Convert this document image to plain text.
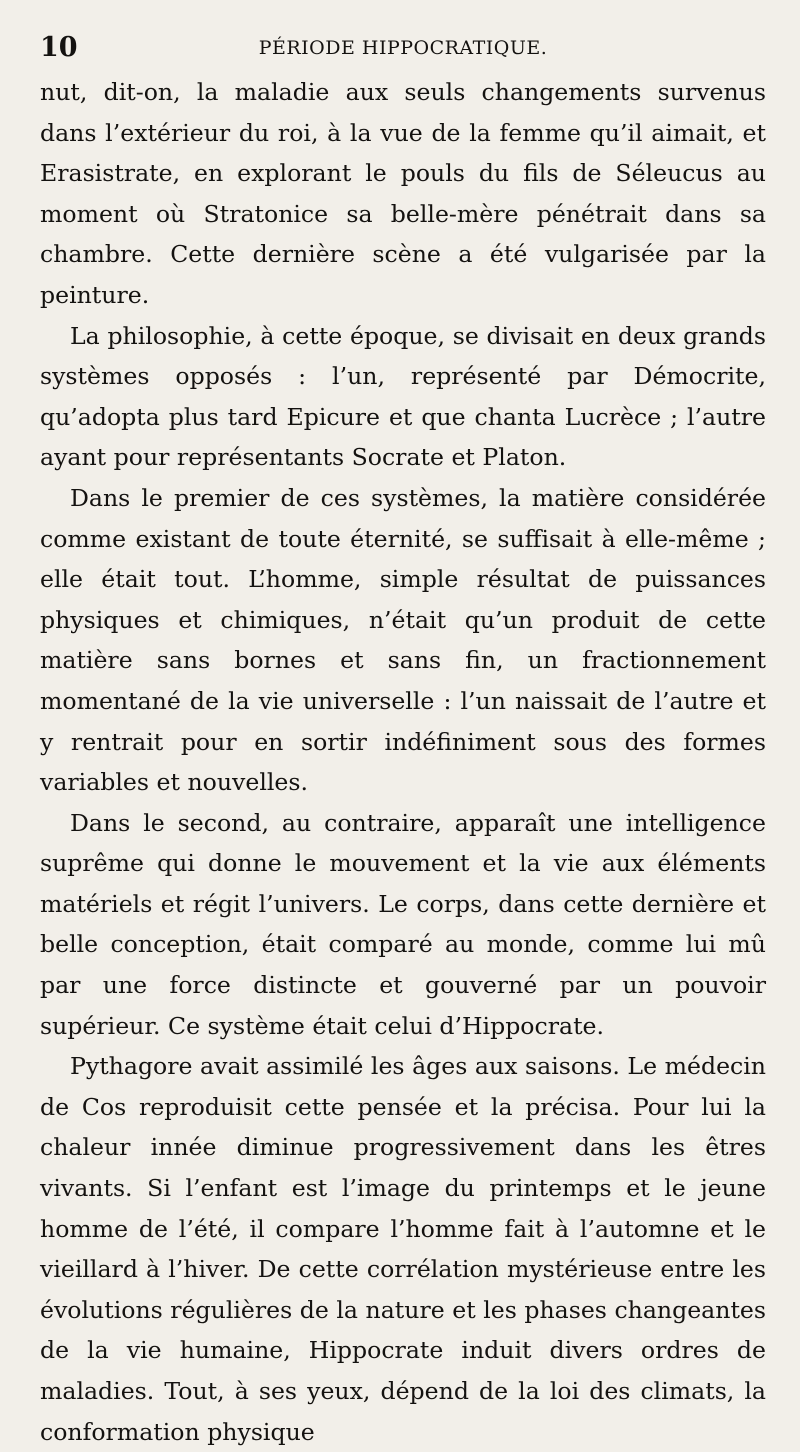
10	PÉRIODE HIPPOCRATIQUE.

nut, dit-on, la maladie aux seuls changements survenus dans l’extérieur du roi, à la vue de la femme qu’il aimait, et Erasistrate, en explorant le pouls du fils de Séleucus au moment où Stratonice sa belle-mère pénétrait dans sa chambre. Cette dernière scène a été vulgarisée par la peinture.

La philosophie, à cette époque, se divisait en deux grands systèmes opposés : l’un, représenté par Démocrite, qu’adopta plus tard Epicure et que chanta Lucrèce ; l’autre ayant pour représentants Socrate et Platon.

Dans le premier de ces systèmes, la matière considérée comme existant de toute éternité, se suffisait à elle-même ; elle était tout. L’homme, simple résultat de puissances physiques et chimiques, n’était qu’un produit de cette matière sans bornes et sans fin, un fractionnement momentané de la vie universelle : l’un naissait de l’autre et y rentrait pour en sortir indéfiniment sous des formes variables et nouvelles.

Dans le second, au contraire, apparaît une intelligence suprême qui donne le mouvement et la vie aux éléments matériels et régit l’univers. Le corps, dans cette dernière et belle conception, était comparé au monde, comme lui mû par une force distincte et gouverné par un pouvoir supérieur. Ce système était celui d’Hippocrate.

Pythagore avait assimilé les âges aux saisons. Le médecin de Cos reproduisit cette pensée et la précisa. Pour lui la chaleur innée diminue progressivement dans les êtres vivants. Si l’enfant est l’image du printemps et le jeune homme de l’été, il compare l’homme fait à l’automne et le vieillard à l’hiver. De cette corrélation mystérieuse entre les évolutions régulières de la nature et les phases changeantes de la vie humaine, Hippocrate induit divers ordres de maladies. Tout, à ses yeux, dépend de la loi des climats, la conformation physique
